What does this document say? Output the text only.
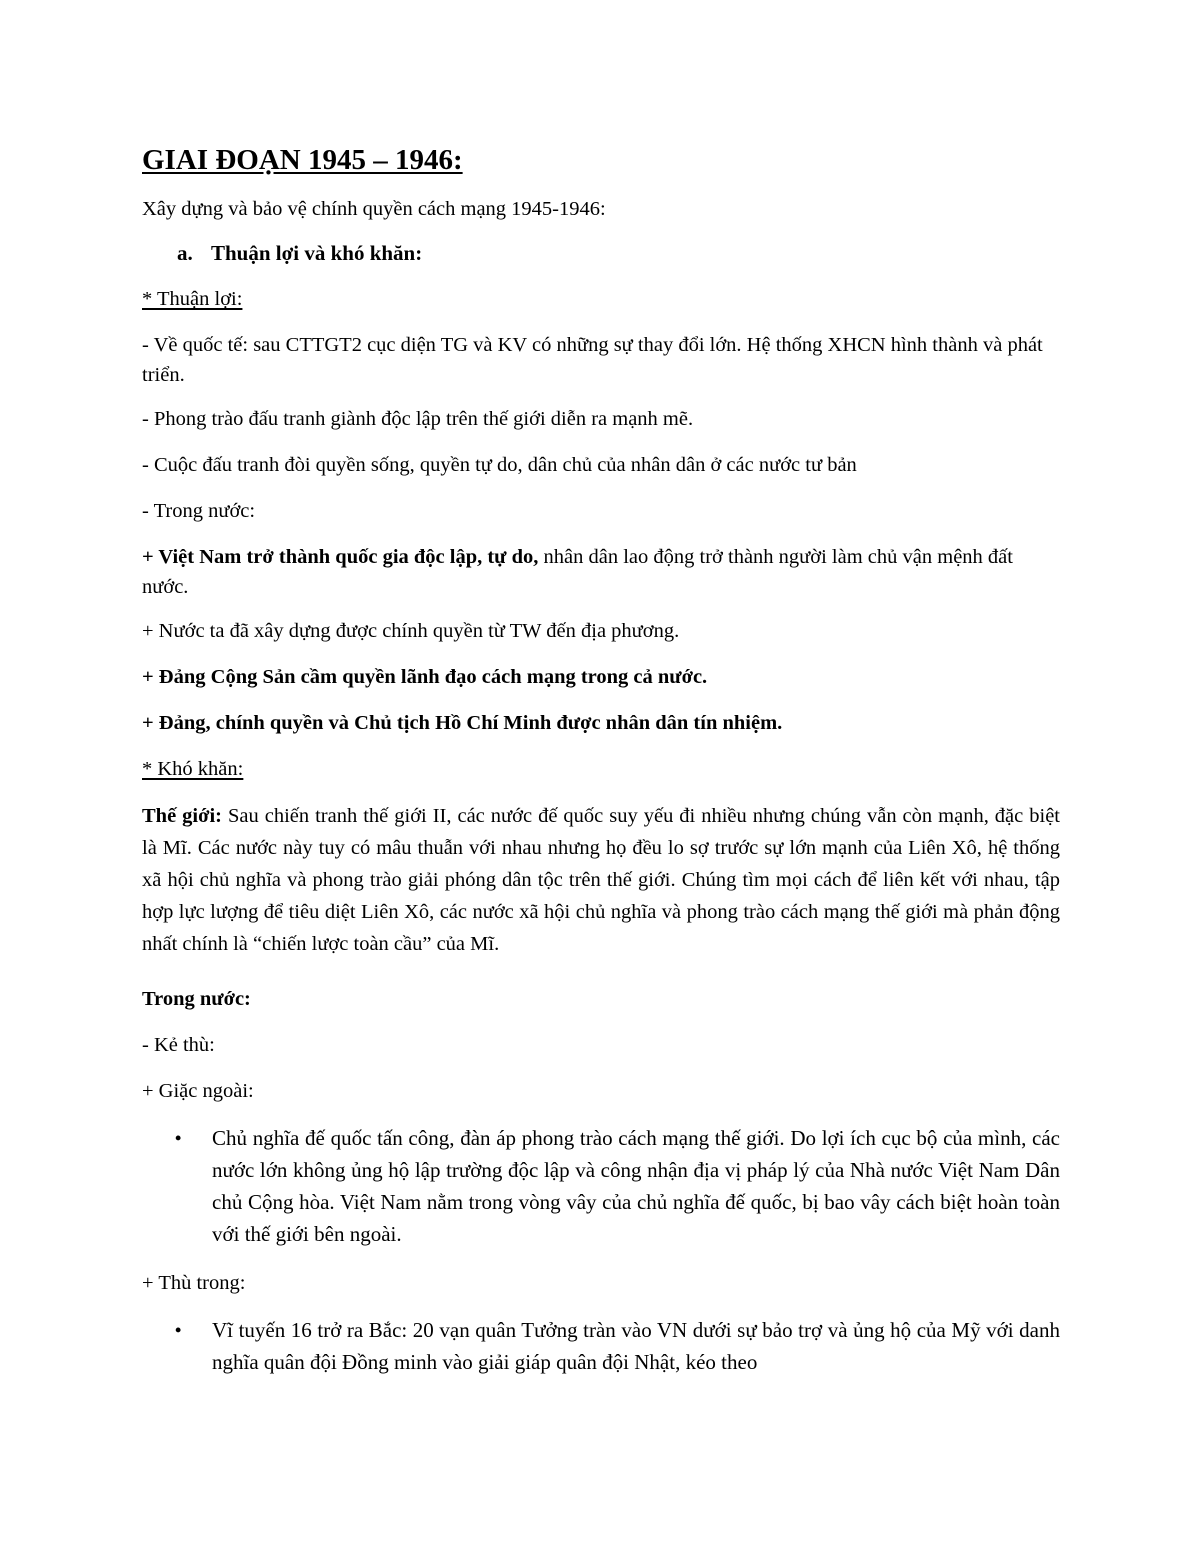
GIAI ĐOẠN 1945 – 1946:

Xây dựng và bảo vệ chính quyền cách mạng 1945-1946:

a. Thuận lợi và khó khăn:

* Thuận lợi:

- Về quốc tế: sau CTTGT2 cục diện TG và KV có những sự thay đổi lớn. Hệ thống XHCN hình thành và phát triển.

- Phong trào đấu tranh giành độc lập trên thế giới diễn ra mạnh mẽ.

- Cuộc đấu tranh đòi quyền sống, quyền tự do, dân chủ của nhân dân ở các nước tư bản

- Trong nước:

+ Việt Nam trở thành quốc gia độc lập, tự do, nhân dân lao động trở thành người làm chủ vận mệnh đất nước.

+ Nước ta đã xây dựng được chính quyền từ TW đến địa phương.

+ Đảng Cộng Sản cầm quyền lãnh đạo cách mạng trong cả nước.

+ Đảng, chính quyền và Chủ tịch Hồ Chí Minh được nhân dân tín nhiệm.

* Khó khăn:

Thế giới: Sau chiến tranh thế giới II, các nước đế quốc suy yếu đi nhiều nhưng chúng vẫn còn mạnh, đặc biệt là Mĩ. Các nước này tuy có mâu thuẫn với nhau nhưng họ đều lo sợ trước sự lớn mạnh của Liên Xô, hệ thống xã hội chủ nghĩa và phong trào giải phóng dân tộc trên thế giới. Chúng tìm mọi cách để liên kết với nhau, tập hợp lực lượng để tiêu diệt Liên Xô, các nước xã hội chủ nghĩa và phong trào cách mạng thế giới mà phản động nhất chính là “chiến lược toàn cầu” của Mĩ.

Trong nước:

- Kẻ thù:

+ Giặc ngoài:

•	Chủ nghĩa đế quốc tấn công, đàn áp phong trào cách mạng thế giới. Do lợi ích cục bộ của mình, các nước lớn không ủng hộ lập trường độc lập và công nhận địa vị pháp lý của Nhà nước Việt Nam Dân chủ Cộng hòa. Việt Nam nằm trong vòng vây của chủ nghĩa đế quốc, bị bao vây cách biệt hoàn toàn với thế giới bên ngoài.

+ Thù trong:

•	Vĩ tuyến 16 trở ra Bắc: 20 vạn quân Tưởng tràn vào VN dưới sự bảo trợ và ủng hộ của Mỹ với danh nghĩa quân đội Đồng minh vào giải giáp quân đội Nhật, kéo theo
